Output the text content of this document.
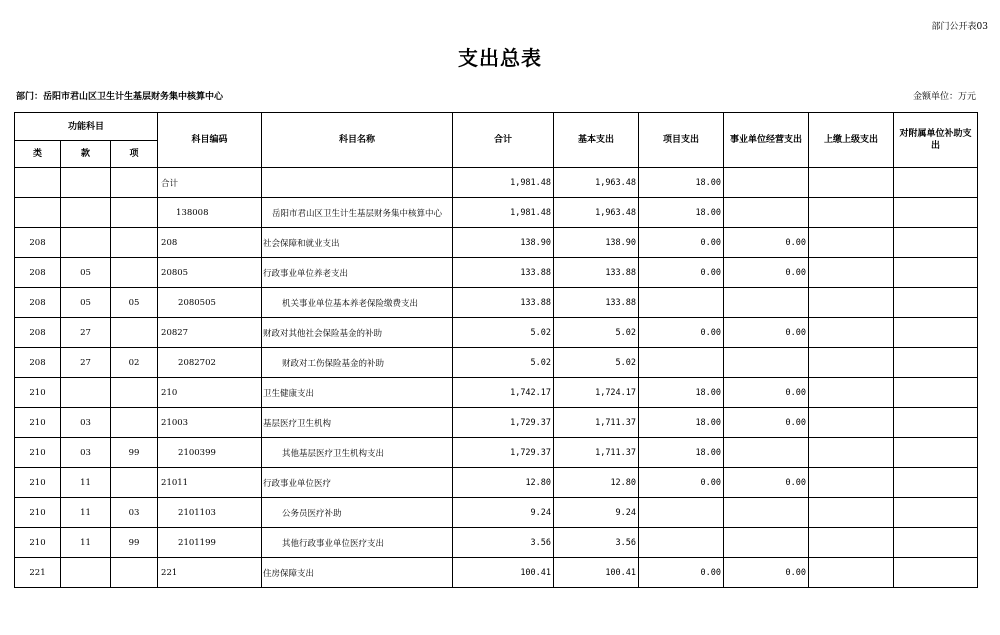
部门公开表03
支出总表
部门：岳阳市君山区卫生计生基层财务集中核算中心	金额单位：万元
功能科目			科目编码	科目名称	合计	基本支出	项目支出	事业单位经营支出	上缴上级支出	对附属单位补助支出
类	款	项								
			合计		1,981.48	1,963.48	18.00			
			138008	岳阳市君山区卫生计生基层财务集中核算中心	1,981.48	1,963.48	18.00			
208			208	社会保障和就业支出	138.90	138.90	0.00	0.00		
208	05		20805	行政事业单位养老支出	133.88	133.88	0.00	0.00		
208	05	05	2080505	机关事业单位基本养老保险缴费支出	133.88	133.88				
208	27		20827	财政对其他社会保险基金的补助	5.02	5.02	0.00	0.00		
208	27	02	2082702	财政对工伤保险基金的补助	5.02	5.02				
210			210	卫生健康支出	1,742.17	1,724.17	18.00	0.00		
210	03		21003	基层医疗卫生机构	1,729.37	1,711.37	18.00	0.00		
210	03	99	2100399	其他基层医疗卫生机构支出	1,729.37	1,711.37	18.00			
210	11		21011	行政事业单位医疗	12.80	12.80	0.00	0.00		
210	11	03	2101103	公务员医疗补助	9.24	9.24				
210	11	99	2101199	其他行政事业单位医疗支出	3.56	3.56				
221			221	住房保障支出	100.41	100.41	0.00	0.00		
